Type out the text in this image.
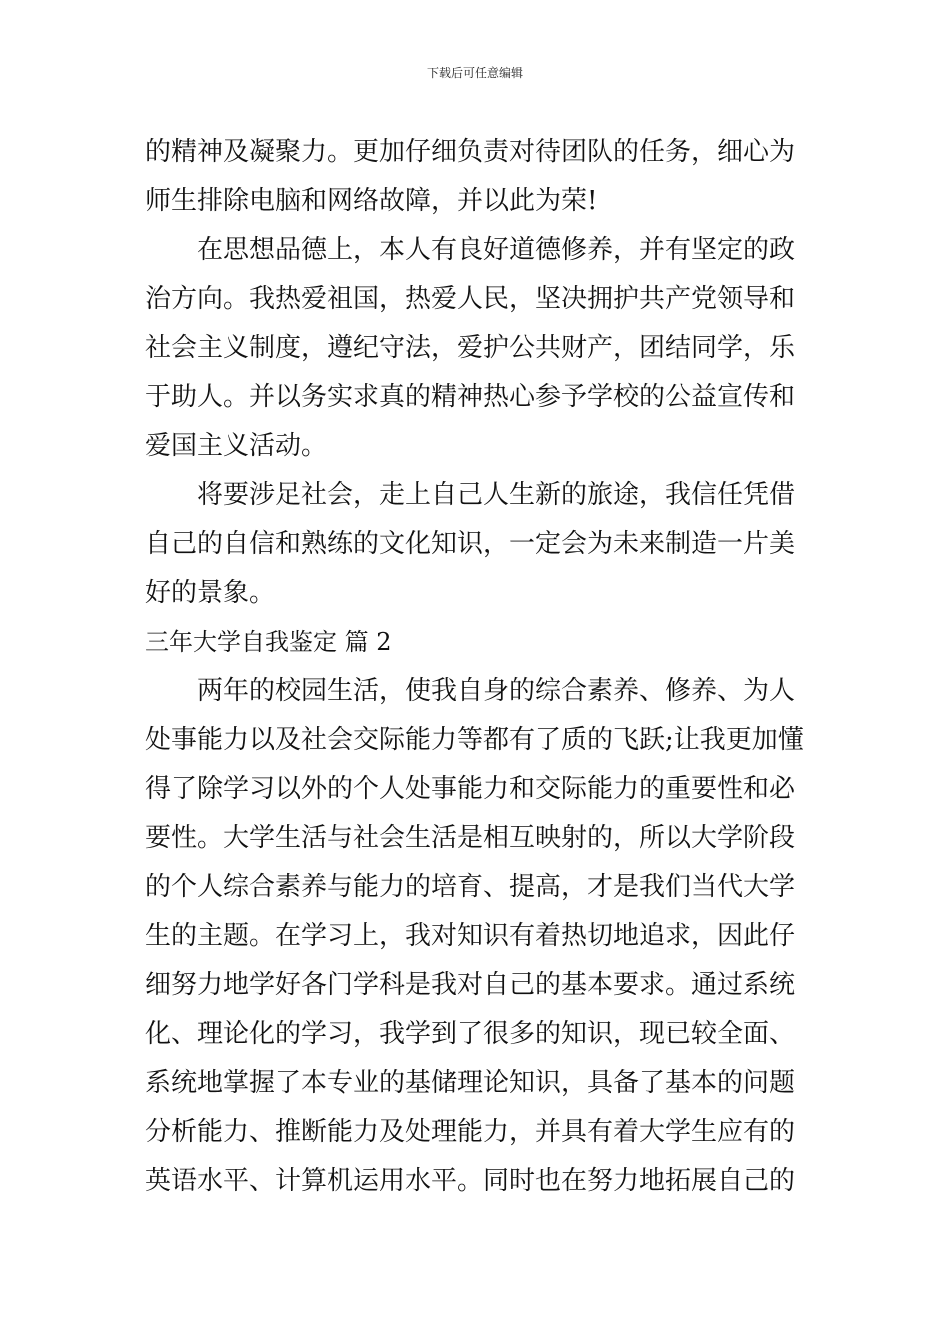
下载后可任意编辑
的精神及凝聚力。更加仔细负责对待团队的任务，细心为
师生排除电脑和网络故障，并以此为荣!
在思想品德上，本人有良好道德修养，并有坚定的政
治方向。我热爱祖国，热爱人民，坚决拥护共产党领导和
社会主义制度，遵纪守法，爱护公共财产，团结同学，乐
于助人。并以务实求真的精神热心参予学校的公益宣传和
爱国主义活动。
将要涉足社会，走上自己人生新的旅途，我信任凭借
自己的自信和熟练的文化知识，一定会为未来制造一片美
好的景象。
三年大学自我鉴定 篇 2
两年的校园生活，使我自身的综合素养、修养、为人
处事能力以及社会交际能力等都有了质的飞跃;让我更加懂
得了除学习以外的个人处事能力和交际能力的重要性和必
要性。大学生活与社会生活是相互映射的，所以大学阶段
的个人综合素养与能力的培育、提高，才是我们当代大学
生的主题。在学习上，我对知识有着热切地追求，因此仔
细努力地学好各门学科是我对自己的基本要求。通过系统
化、理论化的学习，我学到了很多的知识，现已较全面、
系统地掌握了本专业的基储理论知识，具备了基本的问题
分析能力、推断能力及处理能力，并具有着大学生应有的
英语水平、计算机运用水平。同时也在努力地拓展自己的
